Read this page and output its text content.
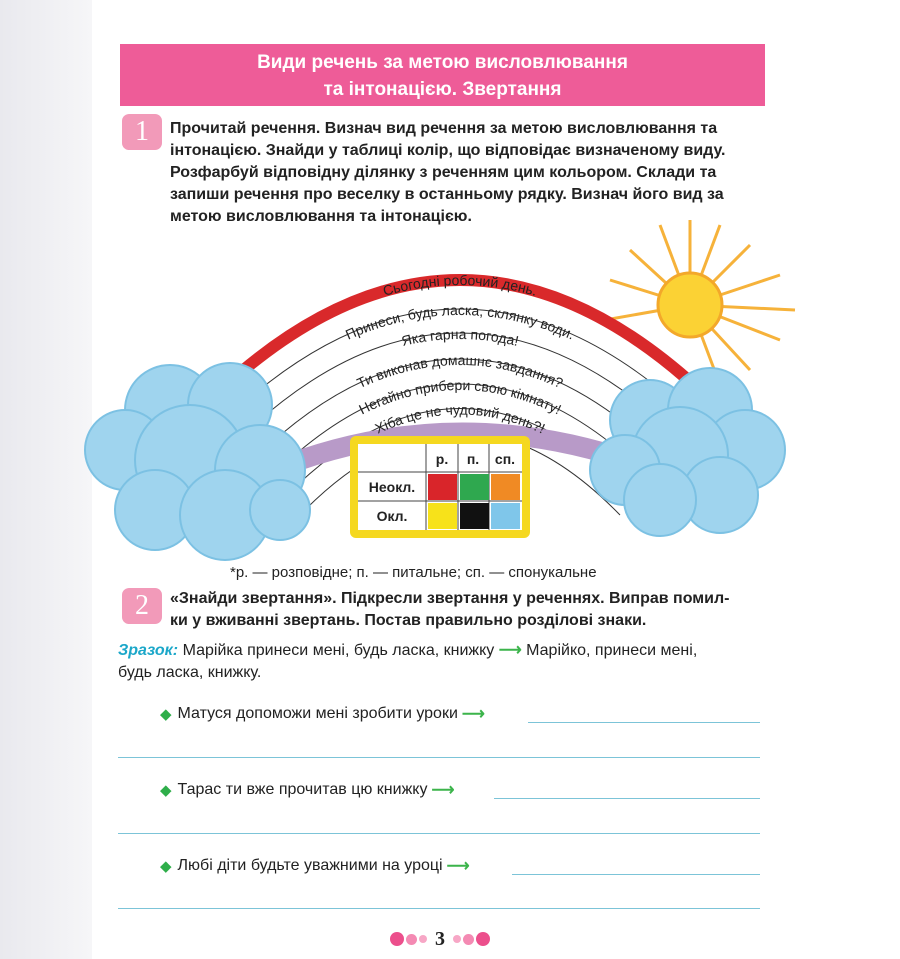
Види речень за метою висловлювання
та інтонацією. Звертання
1	Прочитай речення. Визнач вид речення за метою висловлювання та
інтонацією. Знайди у таблиці колір, що відповідає визначеному виду.
Розфарбуй відповідну ділянку з реченням цим кольором. Склади та
запиши речення про веселку в останньому рядку. Визнач його вид за
метою висловлювання та інтонацією.
Сьогодні робочий день.
Принеси, будь ласка, склянку води.
Яка гарна погода!
Ти виконав домашнє завдання?
Негайно прибери свою кімнату!
Хіба це не чудовий день?!
р. п. сп.
Неокл.
Окл.
*р. — розповідне; п. — питальне; сп. — спонукальне
2	«Знайди звертання». Підкресли звертання у реченнях. Виправ помил-
ки у вживанні звертань. Постав правильно розділові знаки.
Зразок: Марійка принеси мені, будь ласка, книжку ⟶ Марійко, принеси мені,
будь ласка, книжку.
◆ Матуся допоможи мені зробити уроки ⟶
◆ Тарас ти вже прочитав цю книжку ⟶
◆ Любі діти будьте уважними на уроці ⟶
3
